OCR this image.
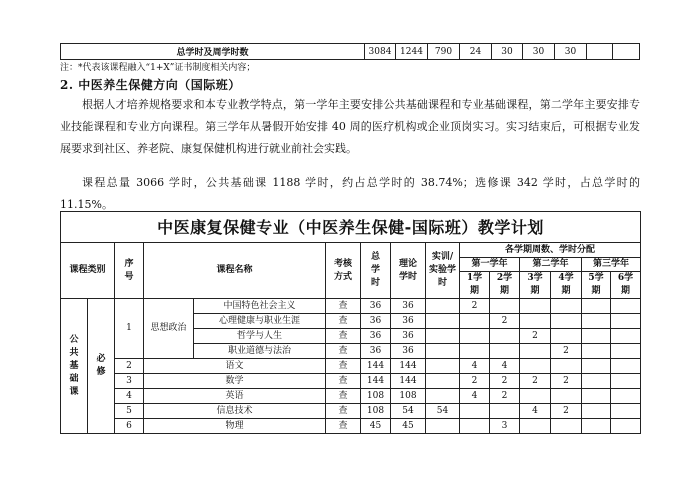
总学时及周学时数	3084	1244	790	24	30	30	30		
注：*代表该课程融入“1+X”证书制度相关内容；
2. 中医养生保健方向（国际班）
根据人才培养规格要求和本专业教学特点，第一学年主要安排公共基础课程和专业基础课程，第二学年主要安排专业技能课程和专业方向课程。第三学年从暑假开始安排 40 周的医疗机构或企业顶岗实习。实习结束后，可根据专业发展要求到社区、养老院、康复保健机构进行就业前社会实践。
课程总量 3066 学时，公共基础课 1188 学时，约占总学时的 38.74%；选修课 342 学时，占总学时的 11.15%。
中医康复保健专业（中医养生保健-国际班）教学计划														
课程类别		序号	课程名称		考核方式	总学时	理论学时	实训/实验学时	各学期周数、学时分配					
									第一学年		第二学年		第三学年	
									1学期	2学期	3学期	4学期	5学期	6学期
公共基础课	必修	1	思想政治	中国特色社会主义	查	36	36		2					
				心理健康与职业生涯	查	36	36			2				
				哲学与人生	查	36	36				2			
				职业道德与法治	查	36	36					2		
		2	语文		查	144	144		4	4				
		3	数学		查	144	144		2	2	2	2		
		4	英语		查	108	108		4	2				
		5	信息技术		查	108	54	54			4	2		
		6	物理		查	45	45			3				
